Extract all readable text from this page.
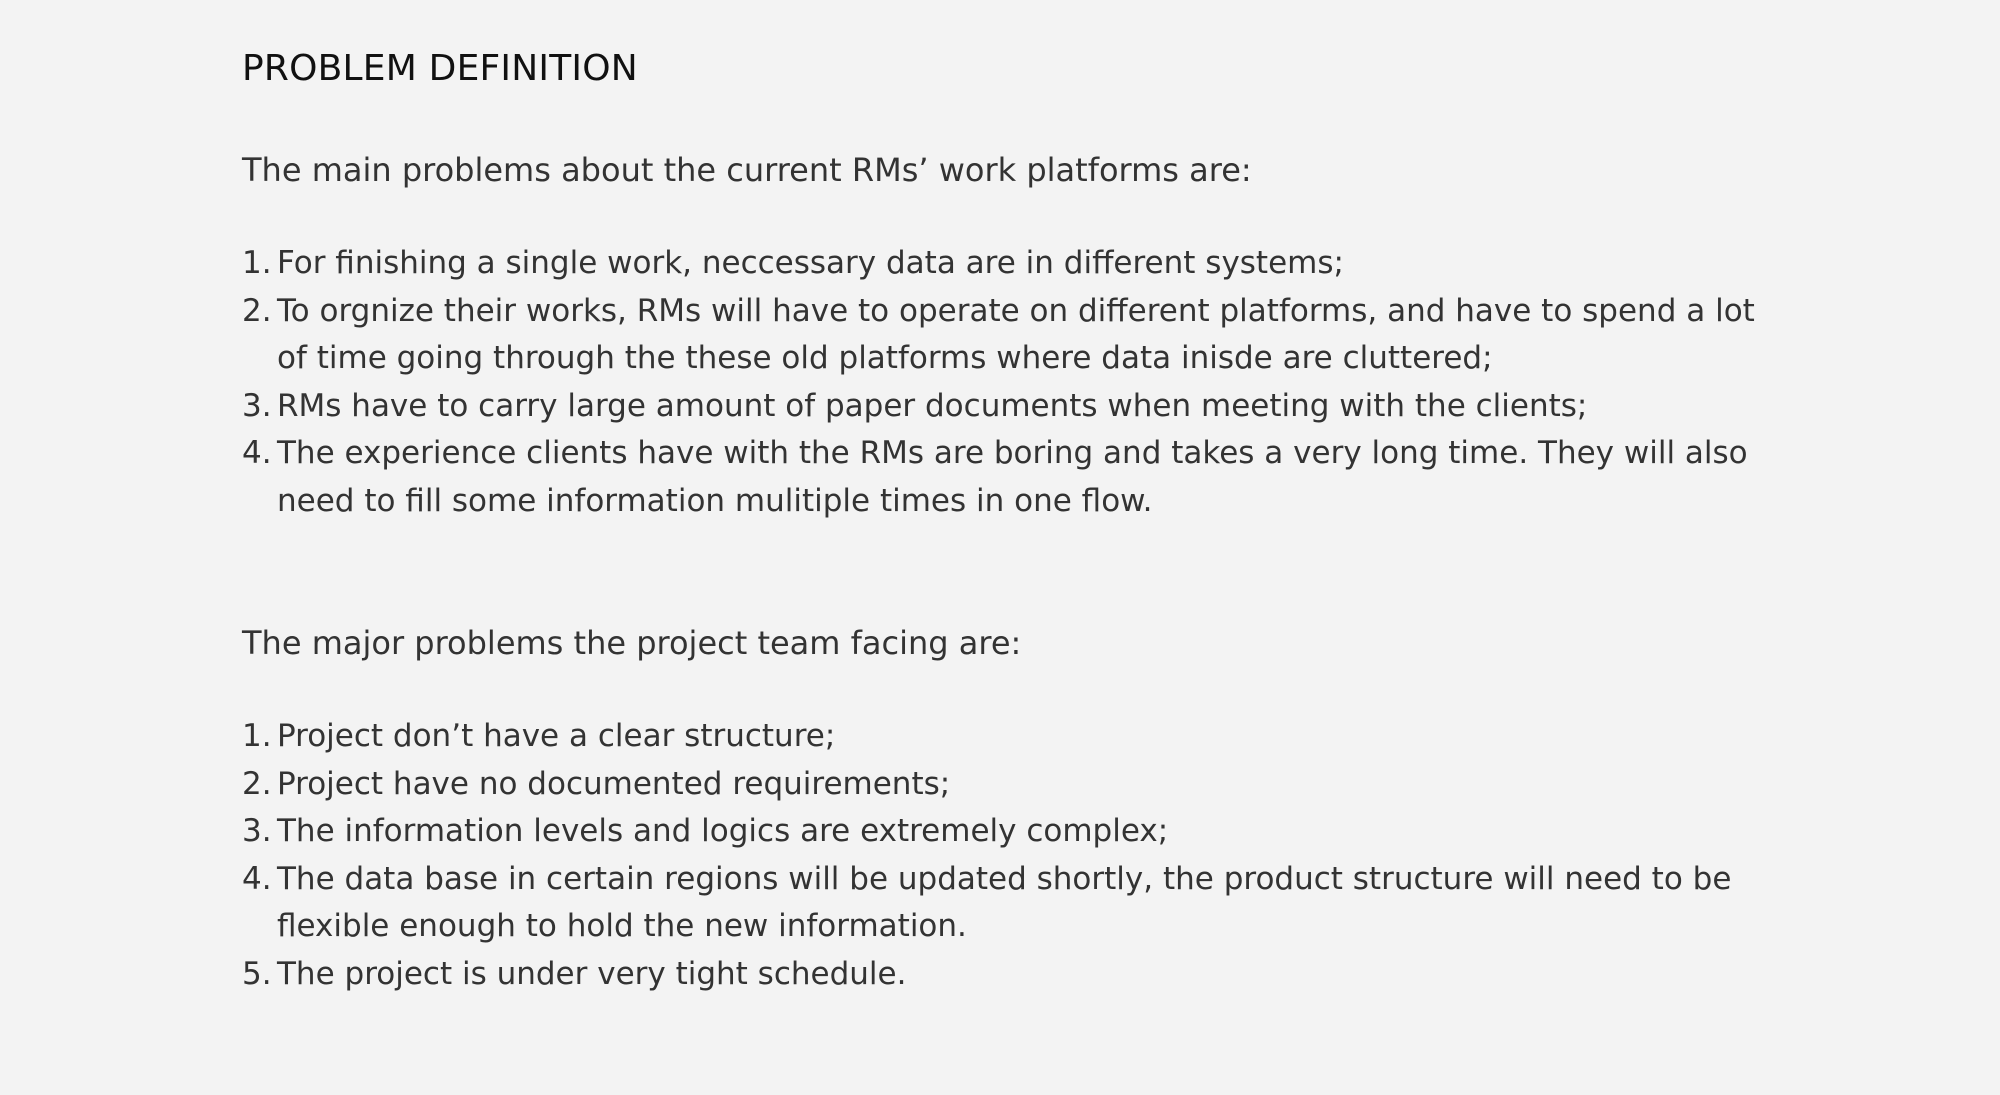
PROBLEM DEFINITION

The main problems about the current RMs’ work platforms are:

1. For finishing a single work, neccessary data are in different systems;
2. To orgnize their works, RMs will have to operate on different platforms, and have to spend a lot of time going through the these old platforms where data inisde are cluttered;
3. RMs have to carry large amount of paper documents when meeting with the clients;
4. The experience clients have with the RMs are boring and takes a very long time. They will also need to fill some information mulitiple times in one flow.

The major problems the project team facing are:

1. Project don’t have a clear structure;
2. Project have no documented requirements;
3. The information levels and logics are extremely complex;
4. The data base in certain regions will be updated shortly, the product structure will need to be flexible enough to hold the new information.
5. The project is under very tight schedule.
